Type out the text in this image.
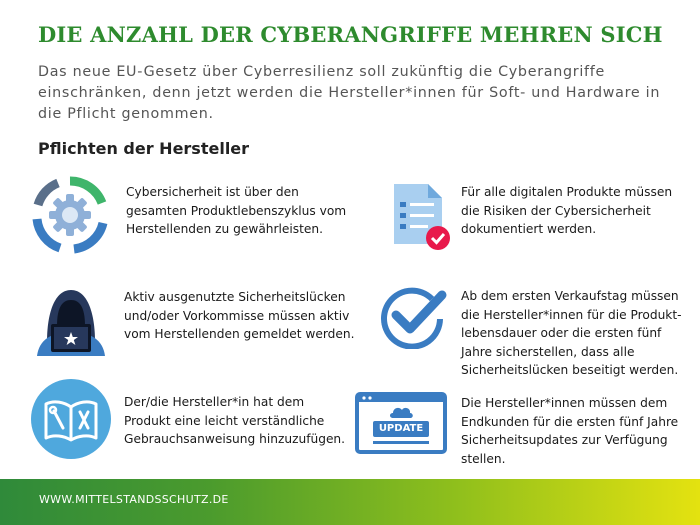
DIE ANZAHL DER CYBERANGRIFFE MEHREN SICH

Das neue EU-Gesetz über Cyberresilienz soll zukünftig die Cyberangriffe einschränken, denn jetzt werden die Hersteller*innen für Soft- und Hardware in die Pflicht genommen.

Pflichten der Hersteller

Cybersicherheit ist über den
gesamten Produktlebenszyklus vom
Herstellenden zu gewährleisten.

Für alle digitalen Produkte müssen
die Risiken der Cybersicherheit
dokumentiert werden.

Aktiv ausgenutzte Sicherheitslücken
und/oder Vorkommisse müssen aktiv
vom Herstellenden gemeldet werden.

Ab dem ersten Verkaufstag müssen
die Hersteller*innen für die Produkt-
lebensdauer oder die ersten fünf
Jahre sicherstellen, dass alle
Sicherheitslücken beseitigt werden.

Der/die Hersteller*in hat dem
Produkt eine leicht verständliche
Gebrauchsanweisung hinzuzufügen.

UPDATE

Die Hersteller*innen müssen dem
Endkunden für die ersten fünf Jahre
Sicherheitsupdates zur Verfügung
stellen.

WWW.MITTELSTANDSSCHUTZ.DE
